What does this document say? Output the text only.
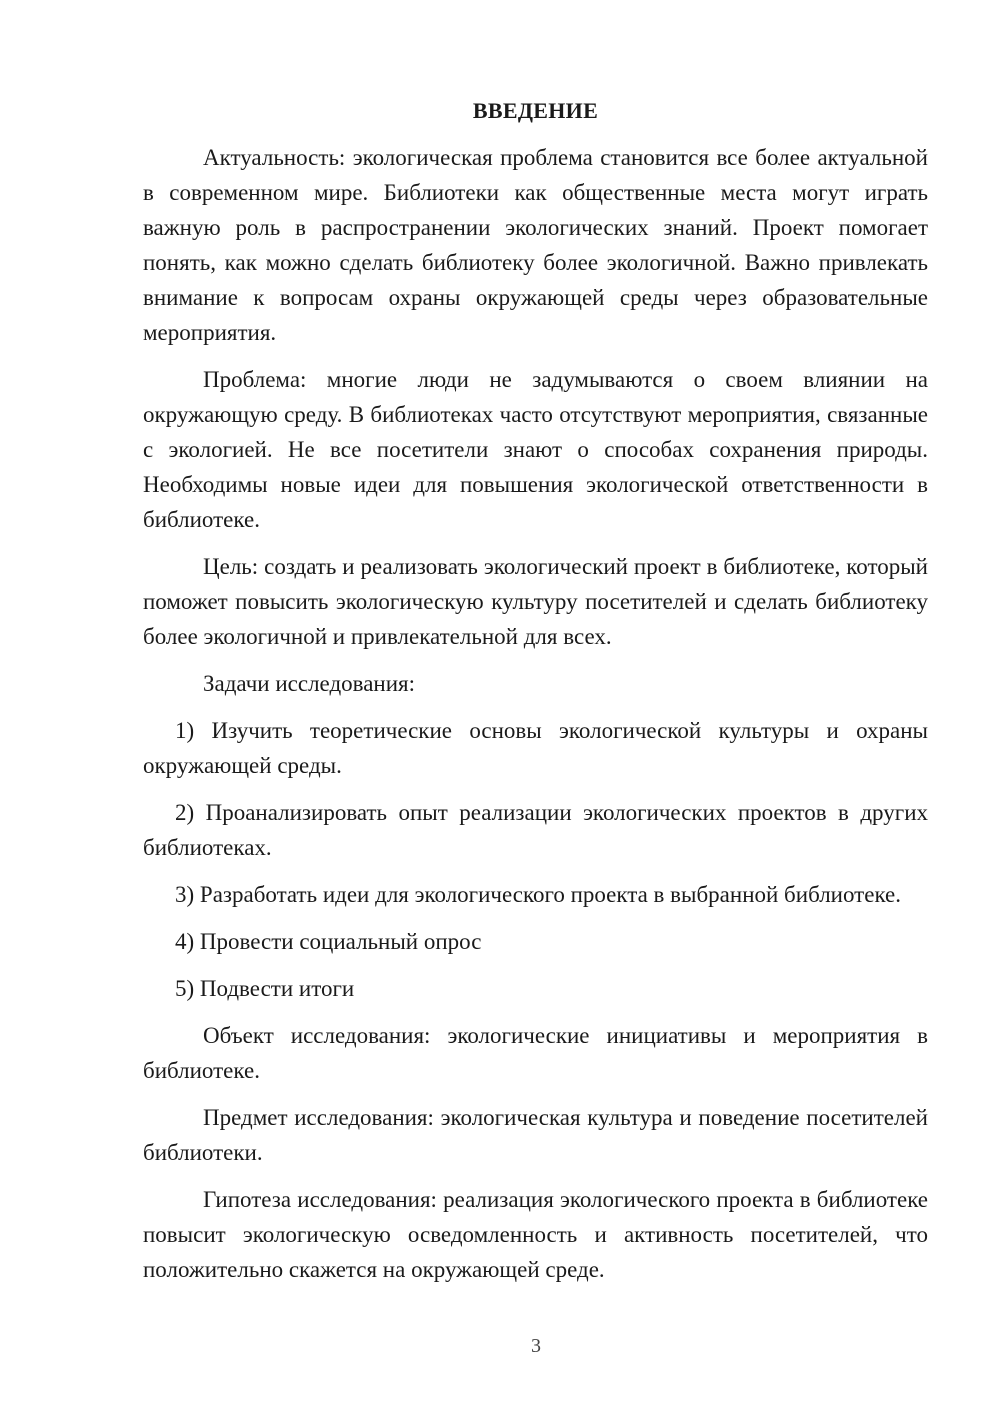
ВВЕДЕНИЕ

Актуальность: экологическая проблема становится все более актуальной в современном мире. Библиотеки как общественные места могут играть важную роль в распространении экологических знаний. Проект помогает понять, как можно сделать библиотеку более экологичной. Важно привлекать внимание к вопросам охраны окружающей среды через образовательные мероприятия.

Проблема: многие люди не задумываются о своем влиянии на окружающую среду. В библиотеках часто отсутствуют мероприятия, связанные с экологией. Не все посетители знают о способах сохранения природы. Необходимы новые идеи для повышения экологической ответственности в библиотеке.

Цель: создать и реализовать экологический проект в библиотеке, который поможет повысить экологическую культуру посетителей и сделать библиотеку более экологичной и привлекательной для всех.

Задачи исследования:

1) Изучить теоретические основы экологической культуры и охраны окружающей среды.

2) Проанализировать опыт реализации экологических проектов в других библиотеках.

3) Разработать идеи для экологического проекта в выбранной библиотеке.

4) Провести социальный опрос

5) Подвести итоги

Объект исследования: экологические инициативы и мероприятия в библиотеке.

Предмет исследования: экологическая культура и поведение посетителей библиотеки.

Гипотеза исследования: реализация экологического проекта в библиотеке повысит экологическую осведомленность и активность посетителей, что положительно скажется на окружающей среде.

3
